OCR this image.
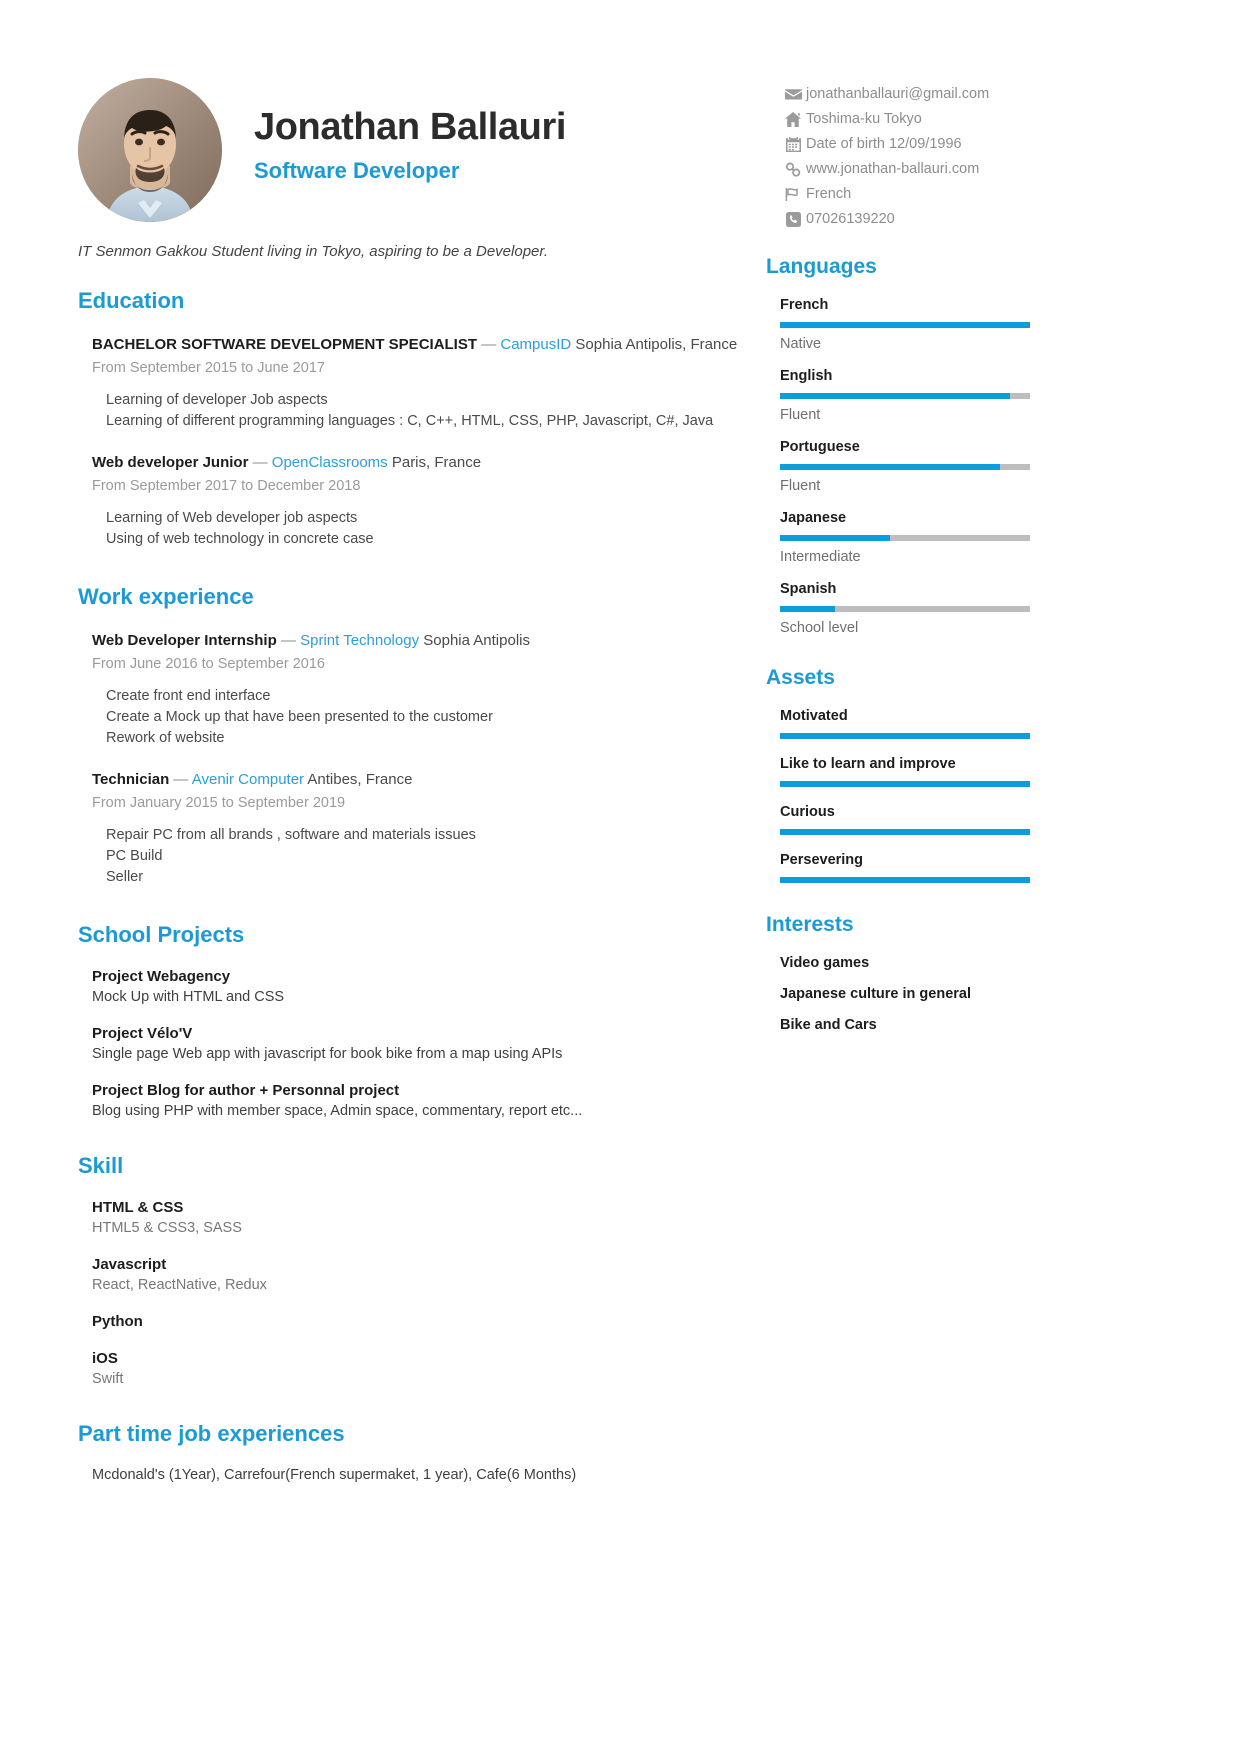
Jonathan Ballauri
Software Developer
IT Senmon Gakkou Student living in Tokyo, aspiring to be a Developer.
jonathanballauri@gmail.com
Toshima-ku Tokyo
Date of birth 12/09/1996
www.jonathan-ballauri.com
French
07026139220
Education
BACHELOR SOFTWARE DEVELOPMENT SPECIALIST — CampusID Sophia Antipolis, France
From September 2015 to June 2017
Learning of developer Job aspects
Learning of different programming languages : C, C++, HTML, CSS, PHP, Javascript, C#, Java
Web developer Junior — OpenClassrooms Paris, France
From September 2017 to December 2018
Learning of Web developer job aspects
Using of web technology in concrete case
Work experience
Web Developer Internship — Sprint Technology Sophia Antipolis
From June 2016 to September 2016
Create front end interface
Create a Mock up that have been presented to the customer
Rework of website
Technician — Avenir Computer Antibes, France
From January 2015 to September 2019
Repair PC from all brands , software and materials issues
PC Build
Seller
School Projects
Project Webagency
Mock Up with HTML and CSS
Project Vélo'V
Single page Web app with javascript for book bike from a map using APIs
Project Blog for author + Personnal project
Blog using PHP with member space, Admin space, commentary, report etc...
Skill
HTML & CSS
HTML5 & CSS3, SASS
Javascript
React, ReactNative, Redux
Python
iOS
Swift
Part time job experiences
Mcdonald's (1Year), Carrefour(French supermaket, 1 year), Cafe(6 Months)
Languages
French
Native
English
Fluent
Portuguese
Fluent
Japanese
Intermediate
Spanish
School level
Assets
Motivated
Like to learn and improve
Curious
Persevering
Interests
Video games
Japanese culture in general
Bike and Cars
